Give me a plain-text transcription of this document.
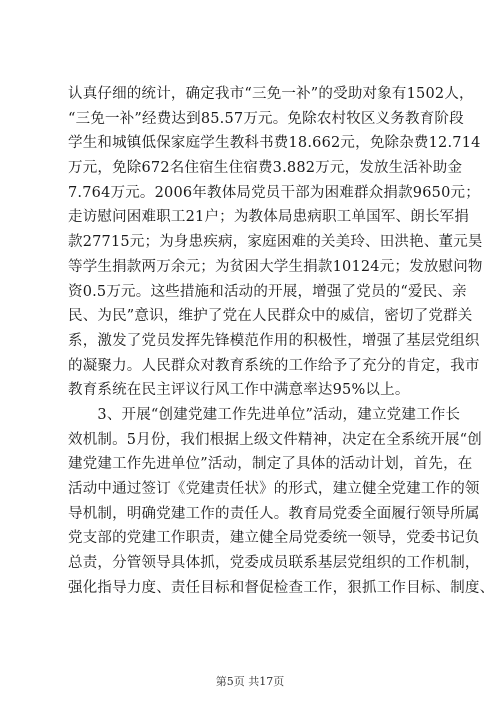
认真仔细的统计，确定我市“三免一补”的受助对象有1502人，
“三免一补”经费达到85.57万元。免除农村牧区义务教育阶段
学生和城镇低保家庭学生教科书费18.662元，免除杂费12.714
万元，免除672名住宿生住宿费3.882万元，发放生活补助金
7.764万元。2006年教体局党员干部为困难群众捐款9650元；
走访慰问困难职工21户；为教体局患病职工单国军、朗长军捐
款27715元；为身患疾病，家庭困难的关美玲、田洪艳、董元昊
等学生捐款两万余元；为贫困大学生捐款10124元；发放慰问物
资0.5万元。这些措施和活动的开展，增强了党员的“爱民、亲
民、为民”意识，维护了党在人民群众中的威信，密切了党群关
系，激发了党员发挥先锋模范作用的积极性，增强了基层党组织
的凝聚力。人民群众对教育系统的工作给予了充分的肯定，我市
教育系统在民主评议行风工作中满意率达95%以上。
　　3、开展“创建党建工作先进单位”活动，建立党建工作长
效机制。5月份，我们根据上级文件精神，决定在全系统开展“创
建党建工作先进单位”活动，制定了具体的活动计划，首先，在
活动中通过签订《党建责任状》的形式，建立健全党建工作的领
导机制，明确党建工作的责任人。教育局党委全面履行领导所属
党支部的党建工作职责，建立健全局党委统一领导，党委书记负
总责，分管领导具体抓，党委成员联系基层党组织的工作机制，
强化指导力度、责任目标和督促检查工作，狠抓工作目标、制度、
第5页 共17页
